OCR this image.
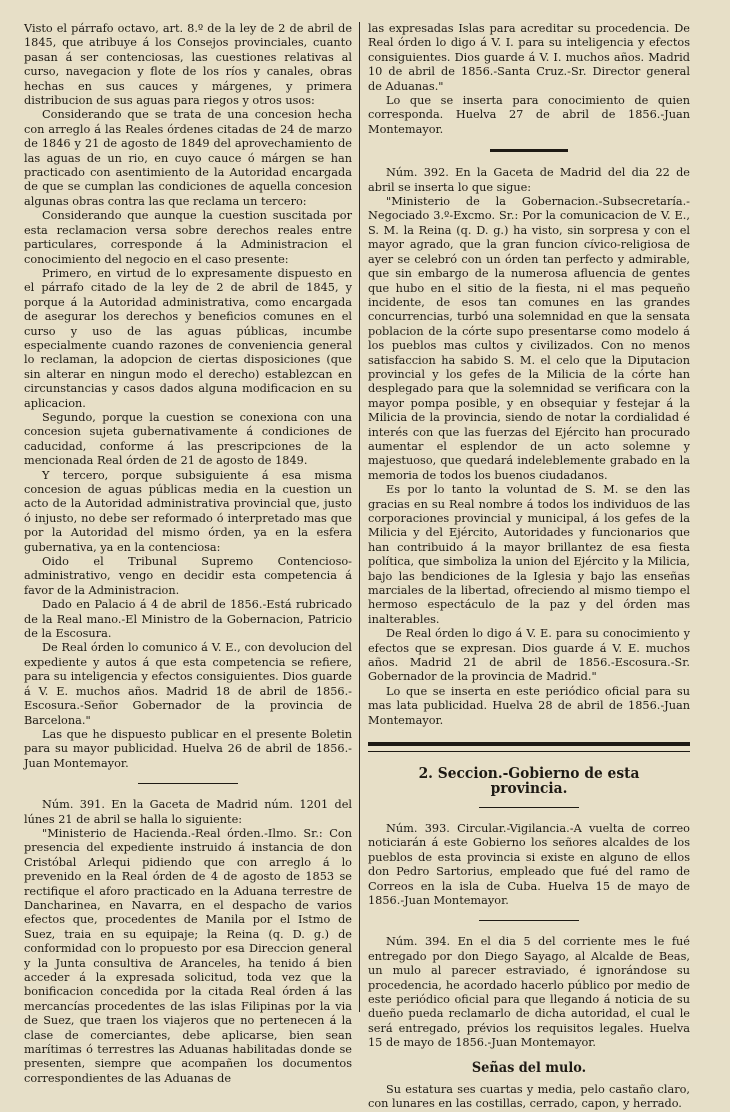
Visto el párrafo octavo, art. 8.º de la ley de 2 de abril de 1845, que atribuye á los Consejos provinciales, cuanto pasan á ser contenciosas, las cuestiones relativas al curso, navegacion y flote de los ríos y canales, obras hechas en sus cauces y márgenes, y primera distribucion de sus aguas para riegos y otros usos:

Considerando que se trata de una concesion hecha con arreglo á las Reales órdenes citadas de 24 de marzo de 1846 y 21 de agosto de 1849 del aprovechamiento de las aguas de un rio, en cuyo cauce ó márgen se han practicado con asentimiento de la Autoridad encargada de que se cumplan las condiciones de aquella concesion algunas obras contra las que reclama un tercero:

Considerando que aunque la cuestion suscitada por esta reclamacion versa sobre derechos reales entre particulares, corresponde á la Administracion el conocimiento del negocio en el caso presente:

Primero, en virtud de lo expresamente dispuesto en el párrafo citado de la ley de 2 de abril de 1845, y porque á la Autoridad administrativa, como encargada de asegurar los derechos y beneficios comunes en el curso y uso de las aguas públicas, incumbe especialmente cuando razones de conveniencia general lo reclaman, la adopcion de ciertas disposiciones (que sin alterar en ningun modo el derecho) establezcan en circunstancias y casos dados alguna modificacion en su aplicacion.

Segundo, porque la cuestion se conexiona con una concesion sujeta gubernativamente á condiciones de caducidad, conforme á las prescripciones de la mencionada Real órden de 21 de agosto de 1849.

Y tercero, porque subsiguiente á esa misma concesion de aguas públicas media en la cuestion un acto de la Autoridad administrativa provincial que, justo ó injusto, no debe ser reformado ó interpretado mas que por la Autoridad del mismo órden, ya en la esfera gubernativa, ya en la contenciosa:

Oido el Tribunal Supremo Contencioso-administrativo, vengo en decidir esta competencia á favor de la Administracion.

Dado en Palacio á 4 de abril de 1856.-Está rubricado de la Real mano.-El Ministro de la Gobernacion, Patricio de la Escosura.

De Real órden lo comunico á V. E., con devolucion del expediente y autos á que esta competencia se refiere, para su inteligencia y efectos consiguientes. Dios guarde á V. E. muchos años. Madrid 18 de abril de 1856.-Escosura.-Señor Gobernador de la provincia de Barcelona."

Las que he dispuesto publicar en el presente Boletin para su mayor publicidad. Huelva 26 de abril de 1856.-Juan Montemayor.

Núm. 391. En la Gaceta de Madrid núm. 1201 del lúnes 21 de abril se halla lo siguiente:

"Ministerio de Hacienda.-Real órden.-Ilmo. Sr.: Con presencia del expediente instruido á instancia de don Cristóbal Arlequi pidiendo que con arreglo á lo prevenido en la Real órden de 4 de agosto de 1853 se rectifique el aforo practicado en la Aduana terrestre de Dancharinea, en Navarra, en el despacho de varios efectos que, procedentes de Manila por el Istmo de Suez, traia en su equipaje; la Reina (q. D. g.) de conformidad con lo propuesto por esa Direccion general y la Junta consultiva de Aranceles, ha tenido á bien acceder á la expresada solicitud, toda vez que la bonificacion concedida por la citada Real órden á las mercancías procedentes de las islas Filipinas por la via de Suez, que traen los viajeros que no pertenecen á la clase de comerciantes, debe aplicarse, bien sean marítimas ó terrestres las Aduanas habilitadas donde se presenten, siempre que acompañen los documentos correspondientes de las Aduanas de

las expresadas Islas para acreditar su procedencia. De Real órden lo digo á V. I. para su inteligencia y efectos consiguientes. Dios guarde á V. I. muchos años. Madrid 10 de abril de 1856.-Santa Cruz.-Sr. Director general de Aduanas."

Lo que se inserta para conocimiento de quien corresponda. Huelva 27 de abril de 1856.-Juan Montemayor.

Núm. 392. En la Gaceta de Madrid del dia 22 de abril se inserta lo que sigue:

"Ministerio de la Gobernacion.-Subsecretaría.-Negociado 3.º-Excmo. Sr.: Por la comunicacion de V. E., S. M. la Reina (q. D. g.) ha visto, sin sorpresa y con el mayor agrado, que la gran funcion cívico-religiosa de ayer se celebró con un órden tan perfecto y admirable, que sin embargo de la numerosa afluencia de gentes que hubo en el sitio de la fiesta, ni el mas pequeño incidente, de esos tan comunes en las grandes concurrencias, turbó una solemnidad en que la sensata poblacion de la córte supo presentarse como modelo á los pueblos mas cultos y civilizados. Con no menos satisfaccion ha sabido S. M. el celo que la Diputacion provincial y los gefes de la Milicia de la córte han desplegado para que la solemnidad se verificara con la mayor pompa posible, y en obsequiar y festejar á la Milicia de la provincia, siendo de notar la cordialidad é interés con que las fuerzas del Ejército han procurado aumentar el esplendor de un acto solemne y majestuoso, que quedará indeleblemente grabado en la memoria de todos los buenos ciudadanos.

Es por lo tanto la voluntad de S. M. se den las gracias en su Real nombre á todos los individuos de las corporaciones provincial y municipal, á los gefes de la Milicia y del Ejército, Autoridades y funcionarios que han contribuido á la mayor brillantez de esa fiesta política, que simboliza la union del Ejército y la Milicia, bajo las bendiciones de la Iglesia y bajo las enseñas marciales de la libertad, ofreciendo al mismo tiempo el hermoso espectáculo de la paz y del órden mas inalterables.

De Real órden lo digo á V. E. para su conocimiento y efectos que se expresan. Dios guarde á V. E. muchos años. Madrid 21 de abril de 1856.-Escosura.-Sr. Gobernador de la provincia de Madrid."

Lo que se inserta en este periódico oficial para su mas lata publicidad. Huelva 28 de abril de 1856.-Juan Montemayor.

2. Seccion.-Gobierno de esta provincia.

Núm. 393. Circular.-Vigilancia.-A vuelta de correo noticiarán á este Gobierno los señores alcaldes de los pueblos de esta provincia si existe en alguno de ellos don Pedro Sartorius, empleado que fué del ramo de Correos en la isla de Cuba. Huelva 15 de mayo de 1856.-Juan Montemayor.

Núm. 394. En el dia 5 del corriente mes le fué entregado por don Diego Sayago, al Alcalde de Beas, un mulo al parecer estraviado, é ignorándose su procedencia, he acordado hacerlo público por medio de este periódico oficial para que llegando á noticia de su dueño pueda reclamarlo de dicha autoridad, el cual le será entregado, prévios los requisitos legales. Huelva 15 de mayo de 1856.-Juan Montemayor.

Señas del mulo.

Su estatura ses cuartas y media, pelo castaño claro, con lunares en las costillas, cerrado, capon, y herrado.
